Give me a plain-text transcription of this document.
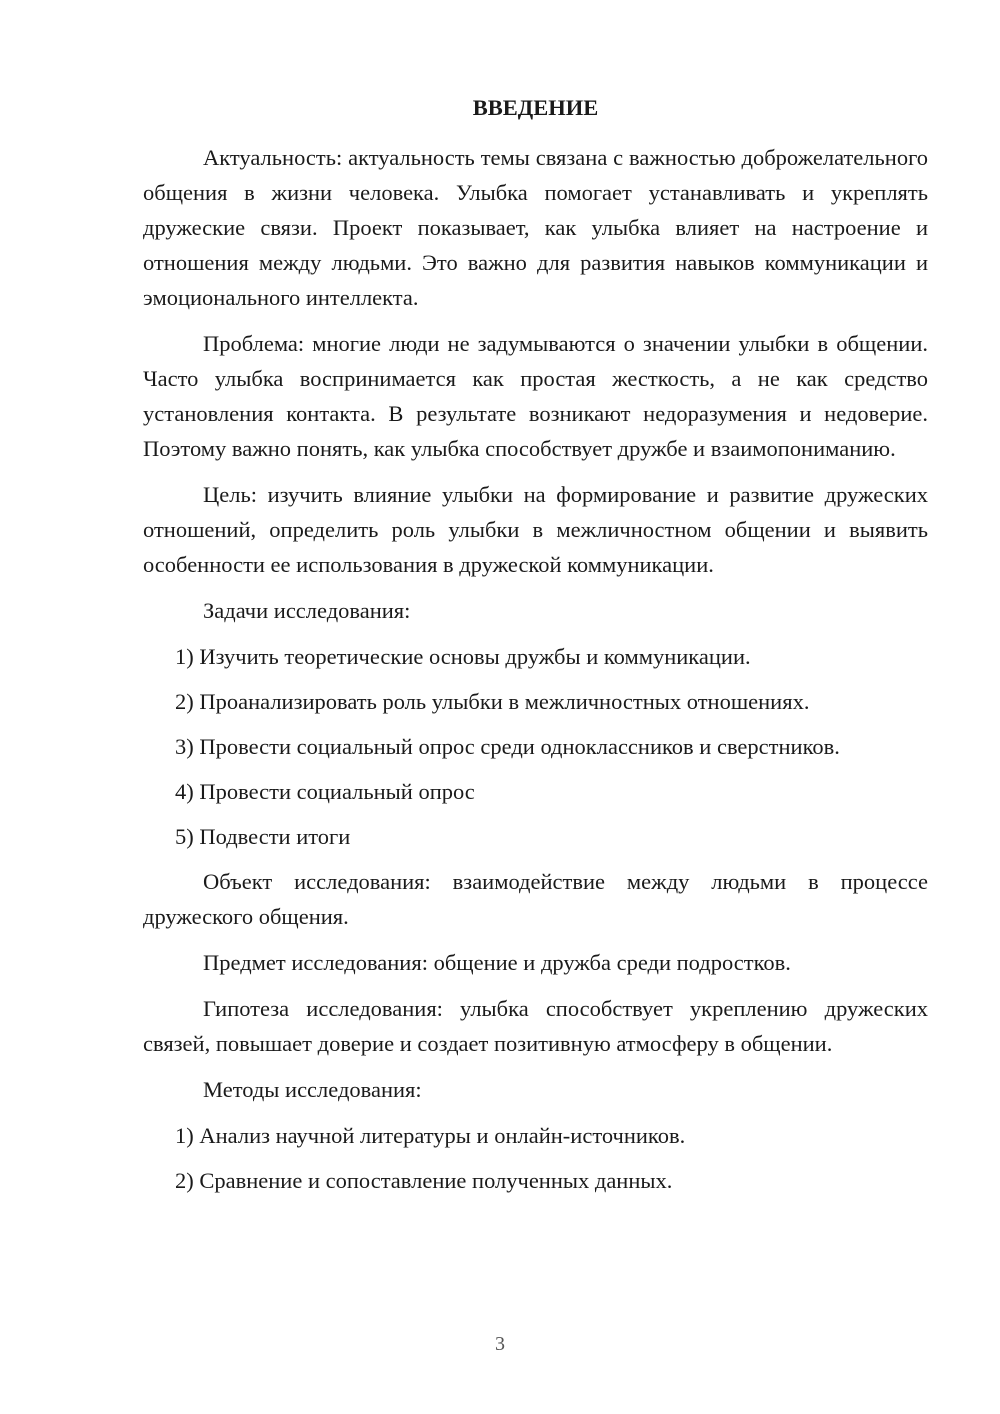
ВВЕДЕНИЕ

Актуальность: актуальность темы связана с важностью доброжелательного общения в жизни человека. Улыбка помогает устанавливать и укреплять дружеские связи. Проект показывает, как улыбка влияет на настроение и отношения между людьми. Это важно для развития навыков коммуникации и эмоционального интеллекта.

Проблема: многие люди не задумываются о значении улыбки в общении. Часто улыбка воспринимается как простая жесткость, а не как средство установления контакта. В результате возникают недоразумения и недоверие. Поэтому важно понять, как улыбка способствует дружбе и взаимопониманию.

Цель: изучить влияние улыбки на формирование и развитие дружеских отношений, определить роль улыбки в межличностном общении и выявить особенности ее использования в дружеской коммуникации.

Задачи исследования:

1) Изучить теоретические основы дружбы и коммуникации.
2) Проанализировать роль улыбки в межличностных отношениях.
3) Провести социальный опрос среди одноклассников и сверстников.
4) Провести социальный опрос
5) Подвести итоги

Объект исследования: взаимодействие между людьми в процессе дружеского общения.

Предмет исследования: общение и дружба среди подростков.

Гипотеза исследования: улыбка способствует укреплению дружеских связей, повышает доверие и создает позитивную атмосферу в общении.

Методы исследования:

1) Анализ научной литературы и онлайн-источников.
2) Сравнение и сопоставление полученных данных.
3
